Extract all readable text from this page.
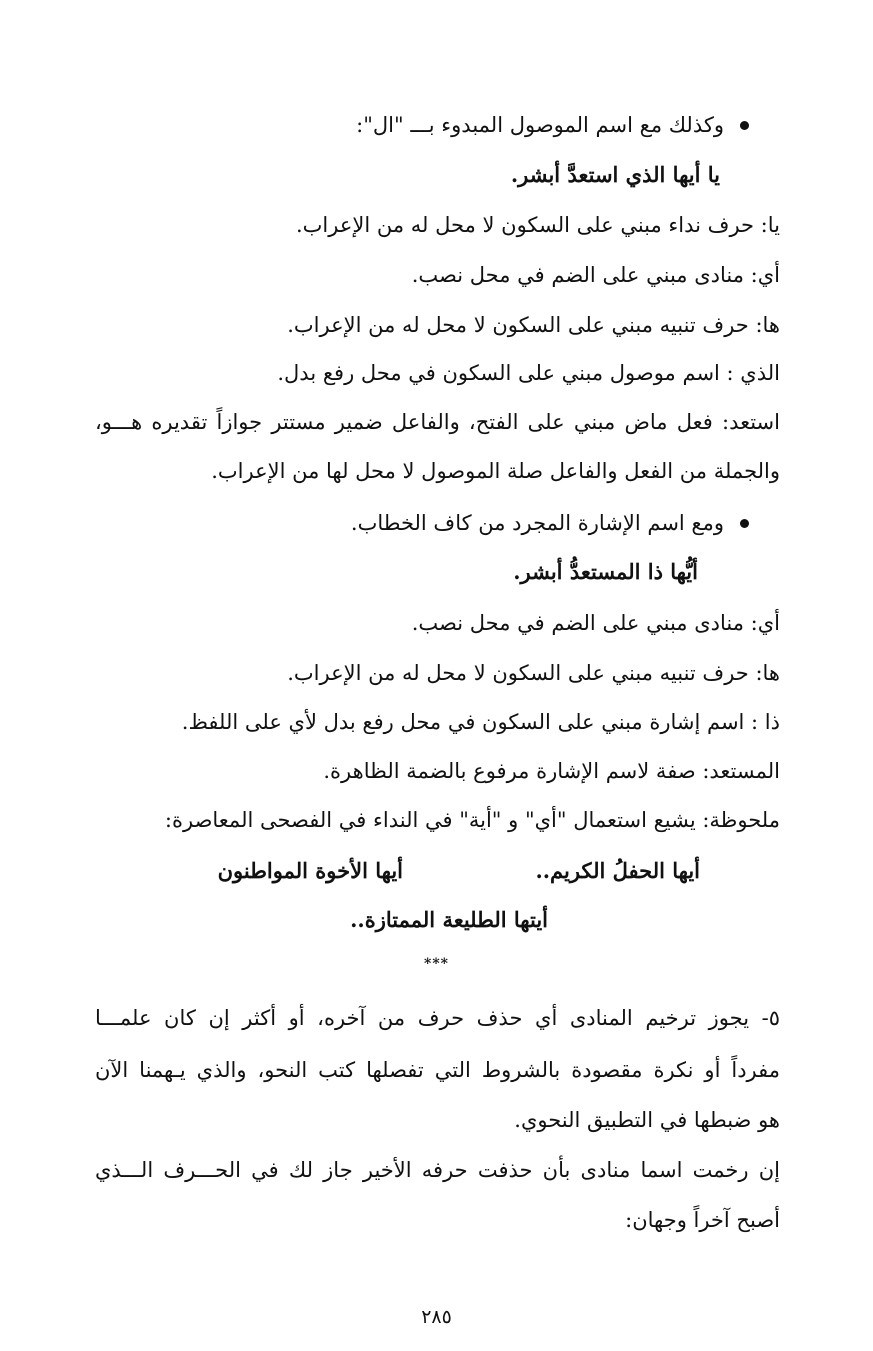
وكذلك مع اسم الموصول المبدوء بـــ "ال":
يا أيها الذي استعدَّ أبشر.
يا: حرف نداء مبني على السكون لا محل له من الإعراب.
أي: منادى مبني على الضم في محل نصب.
ها: حرف تنبيه مبني على السكون لا محل له من الإعراب.
الذي : اسم موصول مبني على السكون في محل رفع بدل.
استعد: فعل ماض مبني على الفتح، والفاعل ضمير مستتر جوازاً تقديره هـــو،
والجملة من الفعل والفاعل صلة الموصول لا محل لها من الإعراب.
ومع اسم الإشارة المجرد من كاف الخطاب.
أيُّها ذا المستعدُّ أبشر.
أي: منادى مبني على الضم في محل نصب.
ها: حرف تنبيه مبني على السكون لا محل له من الإعراب.
ذا : اسم إشارة مبني على السكون في محل رفع بدل لأي على اللفظ.
المستعد: صفة لاسم الإشارة مرفوع بالضمة الظاهرة.
ملحوظة: يشيع استعمال "أي" و "أية" في النداء في الفصحى المعاصرة:
أيها الحفلُ الكريم..
أيها الأخوة المواطنون
أيتها الطليعة الممتازة..
***
٥- يجوز ترخيم المنادى أي حذف حرف من آخره، أو أكثر إن كان علمـــا
مفرداً أو نكرة مقصودة بالشروط التي تفصلها كتب النحو، والذي يـهمنا الآن
هو ضبطها في التطبيق النحوي.
إن رخمت اسما منادى بأن حذفت حرفه الأخير جاز لك في الحـــرف الـــذي
أصبح آخراً وجهان:
٢٨٥
